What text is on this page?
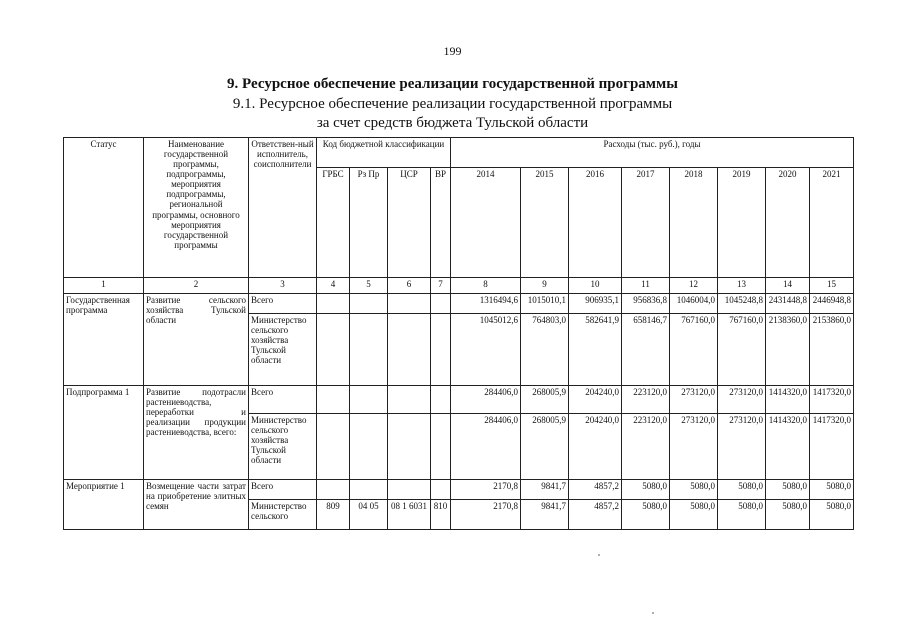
199
9. Ресурсное обеспечение реализации государственной программы
9.1. Ресурсное обеспечение реализации государственной программы
за счет средств бюджета Тульской области
Статус	Наименование государственной программы, подпрограммы, мероприятия подпрограммы, региональной программы, основного мероприятия государственной программы	Ответствен-ный исполнитель, соисполнители	Код бюджетной классификации				Расходы (тыс. руб.), годы							
			ГРБС	Рз Пр	ЦСР	ВР	2014	2015	2016	2017	2018	2019	2020	2021
1	2	3	4	5	6	7	8	9	10	11	12	13	14	15
Государственная программа	Развитие сельского хозяйства Тульской области	Всего					1316494,6	1015010,1	906935,1	956836,8	1046004,0	1045248,8	2431448,8	2446948,8
		Министерство сельского хозяйства Тульской области					1045012,6	764803,0	582641,9	658146,7	767160,0	767160,0	2138360,0	2153860,0
Подпрограмма 1	Развитие подотрасли растениеводства, переработки и реализации продукции растениеводства, всего:	Всего					284406,0	268005,9	204240,0	223120,0	273120,0	273120,0	1414320,0	1417320,0
		Министерство сельского хозяйства Тульской области					284406,0	268005,9	204240,0	223120,0	273120,0	273120,0	1414320,0	1417320,0
Мероприятие 1	Возмещение части затрат на приобретение элитных семян	Всего					2170,8	9841,7	4857,2	5080,0	5080,0	5080,0	5080,0	5080,0
		Министерство сельского	809	04 05	08 1 6031	810	2170,8	9841,7	4857,2	5080,0	5080,0	5080,0	5080,0	5080,0
